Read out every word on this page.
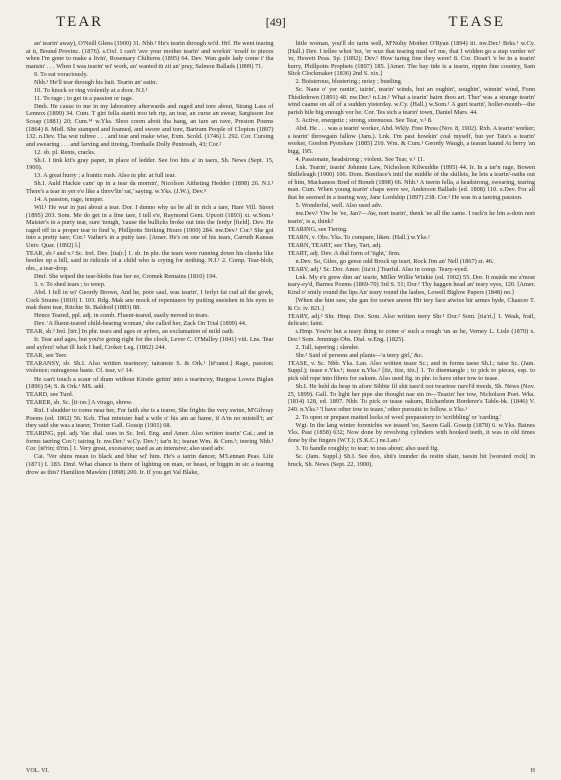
TEAR	[49]	TEASE

an' tearin' away), O'Neill Glens (1900) 31. Nhb.¹ He's tearin through wi'd. Hrf. He went tearing at it, Bound Provinc. (1876). s.Oxf. I can't 'ave your mother tearin' and workin' 'erself to pieces when I'm gone to make a livin', Rosemary Chilterns (1895) 64. Dev. Wan gude lady come t' tha mansin' . . . When I was tearin' wi' work, an' wanted tū zit an' pray, Salmon Ballads (1899) 71.

9. To eat voraciously.

Nhb.¹ He'll tear through his bait. Tearin an' eatin.

10. To knock or ring violently at a door. N.I.¹

11. To rage ; to get in a passion or rage.

Dmb. He cause to me in my laboratory afterwards and raged and tore about, Strang Lass of Lennox (1899) 34. Cum. T girt fella startit noo teh rip, an tear, an curse an swear, Sargisson Joe Scoap (1881) 20; Cum.¹⁴ w.Yks. Shoo coom aboit tha hang, an tare an rave, Preston Poems (1864) 8. Midl. She stamped and foamed, and swore and tore, Bartram People of Clopton (1897) 132. n.Dev. Tha wut tultree . . . and tear and make wise, Exm. Scold. (1746) l. 292. Cor. Cursing and swearing . . . and larving and tireing, Trenhaile Dolly Pentreath, 43; Cor.²

12. sb. pl. Rents, cracks.

Sh.I. I tink kit's gray paper, in place of ledder. See foo hits a' in taers, Sh. News (Sept. 15, 1900).

13. A great hurry ; a frantic rush. Also in phr. at full tear.

Sh.I. Auld Hackie cam' up in a tear da mornin', Nicolson Aithsting Hedder (1898) 26. N.I.¹ There's a tear in yer e'e like a threv'lin' rat,' saying. w.Yks. (J.W.), Dev.³

14. A passion, rage, temper.

Wil.¹ He wur in just about a tear. Dor. I dunno why us be all in rich a tare, Hare Vill. Street (1895) 203. Som. Me do get in a fine tare, I tell e'e, Raymond Gent. Upcott (1893) xi. w.Som.¹ Maister's in a purty tear, sure 'nough, 'cause the bullicks broke out into the ferdyr [field]. Dev. He raged off in a proper tear to find 'e, Phillpotts Striking Hours (1900) 284. nw.Dev.¹ Cor.³ She got into a pretty tare; Cor.² Vather's in a putty tare. [Amer. He's on one of his tears, Carruth Kansas Univ. Quar. (1892) l.]

TEAR, sb.² and v.² Sc. Irel. Dev. [tia(r.] 1. sb. In phr. the tears were running down his cheeks like beetles up a hill, said in ridicule of a child who is crying for nothing. N.I.¹ 2. Comp. Tear-blob, obs., a tear-drop.

Dmf. She wiped the tear-blobs frae her ee, Cromek Remains (1810) 194.

3. v. To shed tears ; to weep.

Abd. I fell in wi' Geordy Brown, And he, poor saul, was tearin', I ferlyt fat cud ail the gowk, Cock Strains (1810) I. 103. Rdg. Mak ane mock of repentance by putting sneishen in his eyes to mak them tear, Ritchie St. Baldred (1883) 88.

Hence Teared, ppl. adj. in comb. Fluent-teared, easily moved to tears.

Dev. 'A fluent-teared child-bearing woman,' she called her, Zack On Trial (1899) 44.

TEAR, sb.³ Irel. [tēr.] In phr. tears and ages or ayfers, an exclamation of mild oath.

Ir. Tear and ages, but you're going right for the clock, Lever C. O'Malley (1841) viii. Lns. Tear and ayfers! what ill luck I had, Croker Leg. (1862) 244.

TEAR, see Teer.

TEARANSY, sb. Sh.I. Also written tearincey; tairansie S. & Ork.¹ [tē'ransi.] Rage, passion; violence; outrageous haste. Cf. tear, v.¹ 14.

He can't touch a scaur of dram without Kirstie gettin' into a tearincey, Burgess Lowra Biglan (1896) 54; S. & Ork.¹ MS. add.

TEARD, see Turd.

TEARER, sb. Sc. [tī·rər.] A virago, shrew.

Rnf. I shudder to come near her, For faith she is a tearer, She frights the very swine, M'Gilvray Poems (ed. 1862) 56. Kcb. That minister had a wife o' his ain ae hame, if A'm no mistell't; an' they said she was a tearer, Trotter Gall. Gossip (1901) 68.

TEARING, ppl. adj. Var. dial. uses in Sc. Irel. Eng. and Amer. Also written tearin' Cai.; and in forms taering Cor.²; tairing Ir. nw.Der.¹ w.Cy. Dev.¹; tar'n Ir.; tearan Wm. & Cum.¹; teering Nhb.¹ Cor. [tē'rin; tī'rin.] 1. Very great, excessive; used as an intensive; also used adv.

Cai. 'Ver shins mean to black and blue wi' him. He's a tairin dancer, M'Lennan Peas. Life (1871) I. 183. Dmf. What chance is there of lighting on man, or beast, or biggin in sic a tearing drow as this? Hamilton Mawkin (1898) 200. Ir. If you get Val Blake,

little woman, you'll do tarin well, M'Nulty Mother O'Ryan (1894) iii. nw.Der.¹ Brks.¹ w.Cy. (Hall.) Dev. I tellee whot 'tez, 'er wuz that tearing mad wi' me, that I widden go a stap varder wi' 'er, Hewett Peas. Sp. (1892); Dev.¹ How taring fine they were! 8. Cor. Doan't 'e be in a tearin' hurry, Phillpotts Prophets (1897) 185. [Amer. The bay tide is a tearin, rippin fine country, Sam Slick Clockmaker (1836) 2nd S. xix.]

2. Boisterous, blustering ; noisy ; bustling.

Sc. Nane o' yer rantin', tairin', tearin' winds, but an oughin', soughin', winnin' wind, Fonn Thistledown (1891) 48. nw.Der.¹ n.Lin.¹ What a tearin' bairn thoo art. Ther' was a strange tearin' wind caame on all of a sudden yisterday. w.Cy. (Hall.) w.Som.¹ A gurt tearin', holler-mouth—the parish hile big enough vor he. Cor. Tes sich a tearin' town, Daniel Mars. 44.

3. Active, energetic ; strong, strenuous. See Tear, v.¹ 8.

Abd. He . . . was a tearin' worker, Abd. Wkly. Free Press (Nov. 8, 1902). Rxb. A tearin' worker; a tearin' throwgain fallow (Jam.). Lnk. I'm past howkin' coal myself, but yer Tate's a tearin' worker, Gordon Pyotshaw (1885) 210. Wm. & Cum.¹ Geordy Waugh, a tearan haund At berry 'an bigg, 195.

4. Passionate, headstrong ; violent. See Tear, v.¹ 11.

Lnk. Tearin', tearin' Johnnie Law, Nicholson Kilwuddie (1895) 44. Ir. In a tar'n rage, Bowen Shilleleagh (1900) 106. Dom. Boniface's intil the middle of the skillets, he lets a tearin'-oaths out of him, Mackaness Bred of Boneh (1898) 66. Nhb.¹ A teerin fella, a headstrong, swearing, tearing man. Cum. When young tearin' chaps were we, Anderson Ballads (ed. 1808) 110. e.Dev. For all that he seemed in a tearing way, Jane Lordship (1897) 238. Cor.² He was in a taering passion.

5. Wonderful, well. Also used adv.

nw.Dev.¹ 'Ow be 'ee, Jan?—Aw, nort tearin', thenk 'ee all the zame. I rack'n he bin a-doin nort tearin', is a, think?

TEARING, see Tiering.

TEARN, v. Obs. Yks. To compare, liken. (Hall.) w.Yks.¹

TEARN, TEART, see They, Tart, adj.

TEART, adj. Dev. A dial form of 'tight,' firm.

n.Dev. So, Giles, go geese odd Brock up teart, Rock Jim an' Nell (1867) st. 46.

TEARY, adj.¹ Sc. Dor. Amer. [tia'ri.] Tearful. Also in comp. Teary-eyed.

Lnk. My e'e grew dim an' tearie, Miller Willie Winkie (ed. 1902) 55. Dor. It meāde me a'most teary-ey'd, Barnes Poems (1869-70) 3rd S. 51; Dor.¹ Thy haggen head an' teary eyes, 120. [Amer. Kind o' smily round the lips An' teary round the lashes, Lowell Biglow Papers (1848) no.]

[When she him saw, she gan for sorwe anoon Hir tery face atwixe hir armes hyde, Chaucer T. & Cr. iv. 821.]

TEARY, adj.² Shr. Hmp. Dor. Som. Also written teery Shr.¹ Dor.¹ Som. [tia'ri.] 1. Weak, frail, delicate; faint.

s.Hmp. You're but a teary thing to come o' such a rough 'un as he, Verney L. Lisle (1870) x. Dor.¹ Som. Jennings Obs. Dial. w.Eng. (1825).

2. Tall, tapering ; slender.

Shr.¹ Said of persons and plants—'a teery girl,' &c.

TEASE, v. Sc. Nhb. Yks. Lan. Also written teaze Sc.; and in forms taese Sh.I.; taise Sc. (Jam. Suppl.); tease e.Yks.¹; teaze n.Yks.² [tīz, tīəz, tēz.] 1. To disentangle ; to pick to pieces, esp. to pick old rope into fibres for oakum. Also used fig. in phr. to have other tow to tease.

Sh.I. He held da hesp in afore Sibbie fil shū taes'd oot twartree raevl'd treeds, Sh. News (Nov. 25, 1899). Gall. To light her pipe she thought nae sin in—Teazin' her tow, Nicholson Poet. Wks. (1814) 128, ed. 1897. Nhb. To pick or tease oakum, Richardson Borderer's Table-bk. (1846) V. 240. n.Yks.² 'I have other tow to teaze,' other pursuits to follow. e.Yks.¹

2. To open or prepare matted locks of wool preparatory to 'scribbling' or 'carding.'

Wgt. In the lang winter forenichts we teased 'oo, Saxon Gall. Gossip (1878) 6. w.Yks. Baines Yks. Past (1858) 632; Now done by revolving cylinders with hooked teeth, it was in old times done by the fingers (W.T.); (S.K.C.) ne.Lan.¹

3. To handle roughly; to tear; to toss about; also used fig.

Sc. (Jam. Suppl.) Sh.I. See doo, shū's inunder da restin shair, taesin hit [worsted rock] in bruck, Sh. News (Sept. 22, 1900).

VOL. VI.	H
